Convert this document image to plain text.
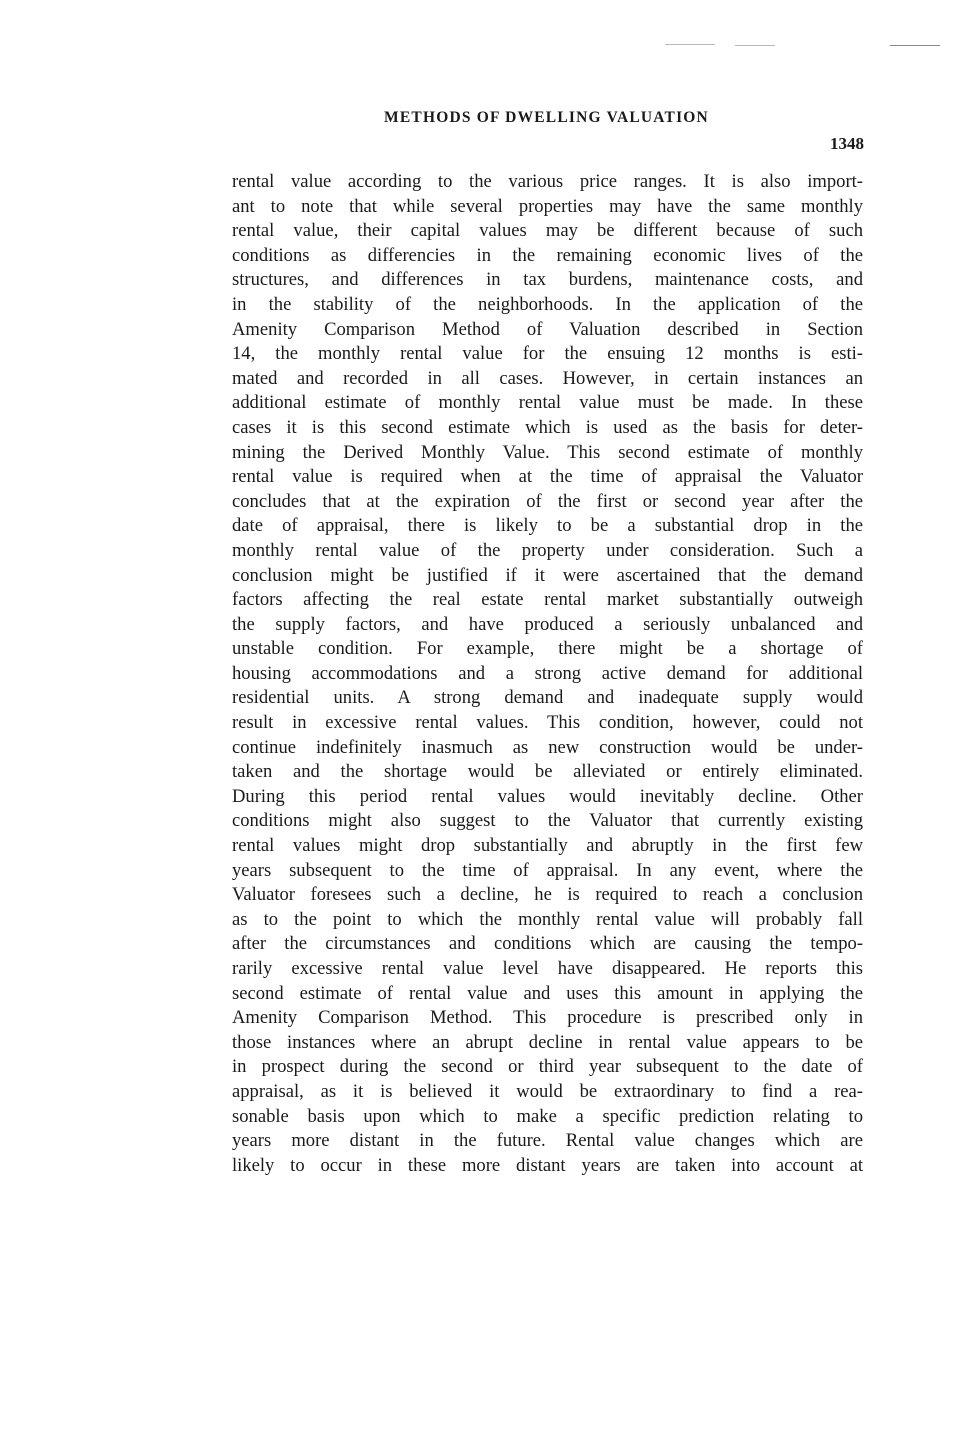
METHODS OF DWELLING VALUATION
1348
rental value according to the various price ranges. It is also import-
ant to note that while several properties may have the same monthly
rental value, their capital values may be different because of such
conditions as differencies in the remaining economic lives of the
structures, and differences in tax burdens, maintenance costs, and
in the stability of the neighborhoods. In the application of the
Amenity Comparison Method of Valuation described in Section
14, the monthly rental value for the ensuing 12 months is esti-
mated and recorded in all cases. However, in certain instances an
additional estimate of monthly rental value must be made. In these
cases it is this second estimate which is used as the basis for deter-
mining the Derived Monthly Value. This second estimate of monthly
rental value is required when at the time of appraisal the Valuator
concludes that at the expiration of the first or second year after the
date of appraisal, there is likely to be a substantial drop in the
monthly rental value of the property under consideration. Such a
conclusion might be justified if it were ascertained that the demand
factors affecting the real estate rental market substantially outweigh
the supply factors, and have produced a seriously unbalanced and
unstable condition. For example, there might be a shortage of
housing accommodations and a strong active demand for additional
residential units. A strong demand and inadequate supply would
result in excessive rental values. This condition, however, could not
continue indefinitely inasmuch as new construction would be under-
taken and the shortage would be alleviated or entirely eliminated.
During this period rental values would inevitably decline. Other
conditions might also suggest to the Valuator that currently existing
rental values might drop substantially and abruptly in the first few
years subsequent to the time of appraisal. In any event, where the
Valuator foresees such a decline, he is required to reach a conclusion
as to the point to which the monthly rental value will probably fall
after the circumstances and conditions which are causing the tempo-
rarily excessive rental value level have disappeared. He reports this
second estimate of rental value and uses this amount in applying the
Amenity Comparison Method. This procedure is prescribed only in
those instances where an abrupt decline in rental value appears to be
in prospect during the second or third year subsequent to the date of
appraisal, as it is believed it would be extraordinary to find a rea-
sonable basis upon which to make a specific prediction relating to
years more distant in the future. Rental value changes which are
likely to occur in these more distant years are taken into account at
